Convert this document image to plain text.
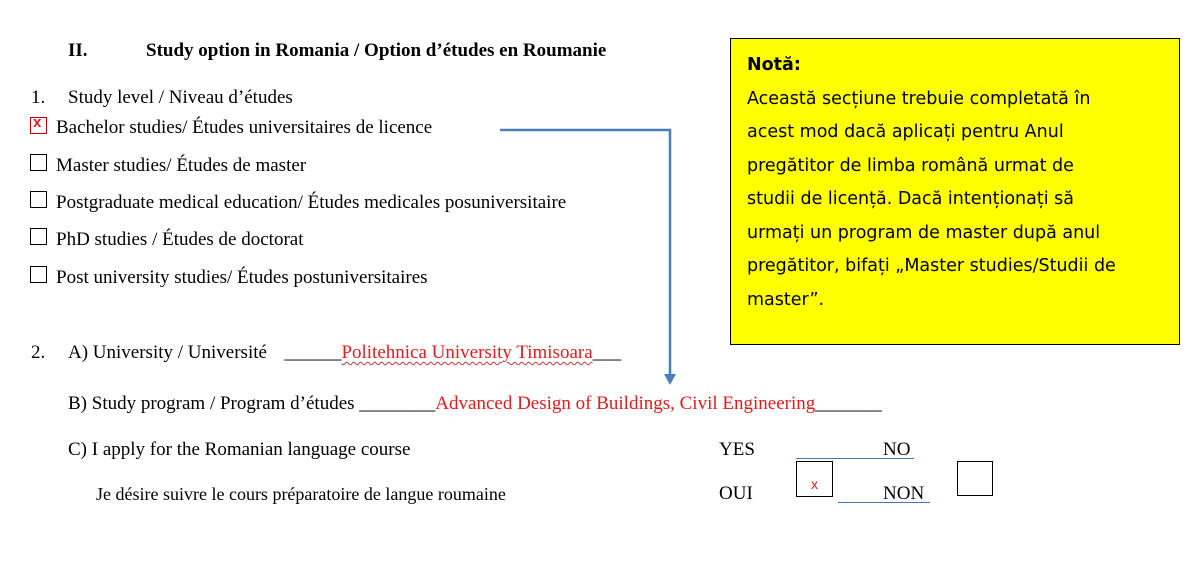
II.	Study option in Romania / Option d’études en Roumanie
1. Study level / Niveau d’études
x Bachelor studies/ Études universitaires de licence
Master studies/ Études de master
Postgraduate medical education/ Études medicales posuniversitaire
PhD studies / Études de doctorat
Post university studies/ Études postuniversitaires
Notă:
Această secțiune trebuie completată în
acest mod dacă aplicați pentru Anul
pregătitor de limba română urmat de
studii de licență. Dacă intenționați să
urmați un program de master după anul
pregătitor, bifați „Master studies/Studii de
master”.
2. A) University / Université ______Politehnica University Timisoara___
B) Study program / Program d’études ________Advanced Design of Buildings, Civil Engineering_______
C) I apply for the Romanian language course
Je désire suivre le cours préparatoire de langue roumaine
YES
OUI
NO
x	NON
